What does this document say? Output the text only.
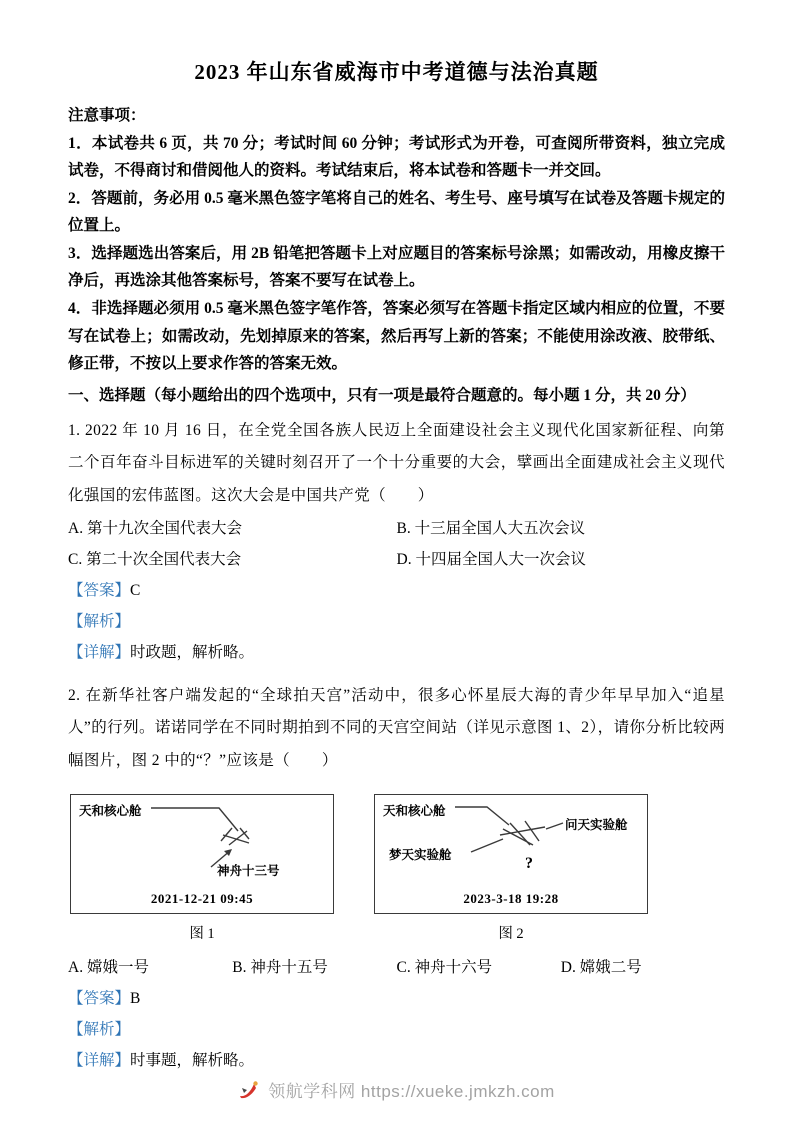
2023 年山东省威海市中考道德与法治真题
注意事项：

1．本试卷共 6 页，共 70 分；考试时间 60 分钟；考试形式为开卷，可查阅所带资料，独立完成试卷，不得商讨和借阅他人的资料。考试结束后，将本试卷和答题卡一并交回。

2．答题前，务必用 0.5 毫米黑色签字笔将自己的姓名、考生号、座号填写在试卷及答题卡规定的位置上。

3．选择题选出答案后，用 2B 铅笔把答题卡上对应题目的答案标号涂黑；如需改动，用橡皮擦干净后，再选涂其他答案标号，答案不要写在试卷上。

4．非选择题必须用 0.5 毫米黑色签字笔作答，答案必须写在答题卡指定区域内相应的位置，不要写在试卷上；如需改动，先划掉原来的答案，然后再写上新的答案；不能使用涂改液、胶带纸、修正带，不按以上要求作答的答案无效。

一、选择题（每小题给出的四个选项中，只有一项是最符合题意的。每小题 1 分，共 20 分）

1. 2022 年 10 月 16 日，在全党全国各族人民迈上全面建设社会主义现代化国家新征程、向第二个百年奋斗目标进军的关键时刻召开了一个十分重要的大会，擘画出全面建成社会主义现代化强国的宏伟蓝图。这次大会是中国共产党（　　）

A. 第十九次全国代表大会	B. 十三届全国人大五次会议
C. 第二十次全国代表大会	D. 十四届全国人大一次会议

【答案】C

【解析】

【详解】时政题，解析略。

2. 在新华社客户端发起的“全球拍天宫”活动中，很多心怀星辰大海的青少年早早加入“追星人”的行列。诺诺同学在不同时期拍到不同的天宫空间站（详见示意图 1、2），请你分析比较两幅图片，图 2 中的“？”应该是（　　）

天和核心舱
神舟十三号
2021-12-21 09:45
图 1
天和核心舱
问天实验舱
梦天实验舱	?
2023-3-18 19:28
图 2
A. 嫦娥一号	B. 神舟十五号	C. 神舟十六号	D. 嫦娥二号

【答案】B

【解析】

【详解】时事题，解析略。

领航学科网 https://xueke.jmkzh.com
